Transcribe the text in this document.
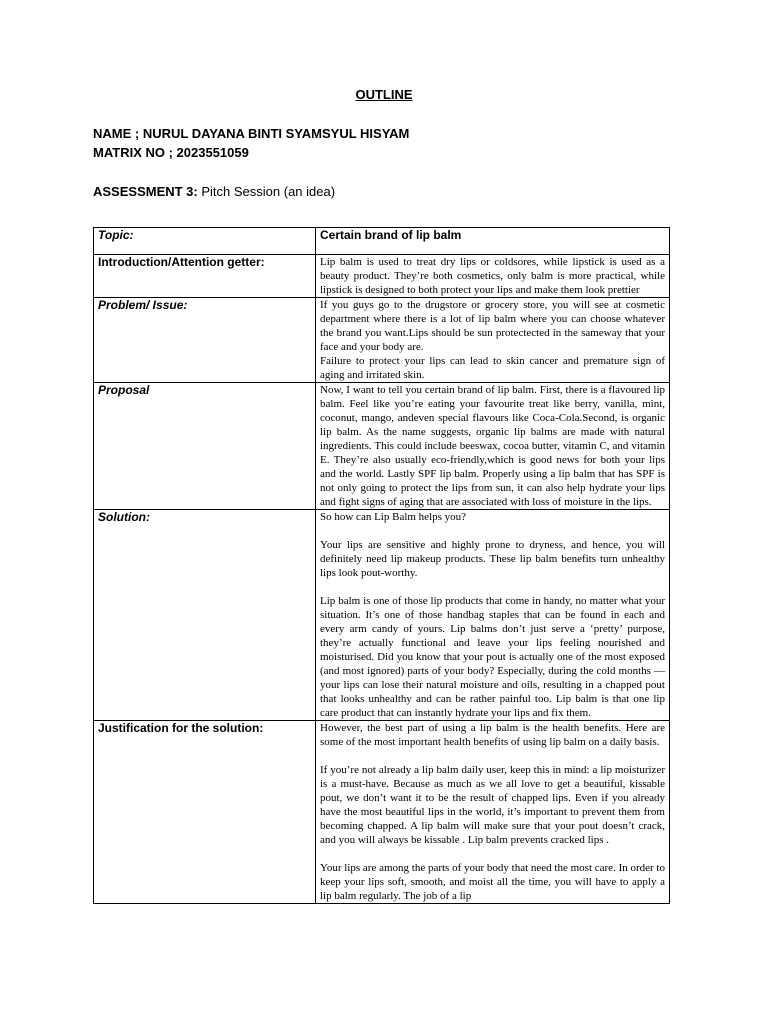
OUTLINE
NAME ; NURUL DAYANA BINTI SYAMSYUL HISYAM
MATRIX NO ; 2023551059
ASSESSMENT 3: Pitch Session (an idea)
Topic:	Certain brand of lip balm
Introduction/Attention getter:	Lip balm is used to treat dry lips or coldsores, while lipstick is used as a beauty product. They’re both cosmetics, only balm is more practical, while lipstick is designed to both protect your lips and make them look prettier

Problem/ Issue:	If you guys go to the drugstore or grocery store, you will see at cosmetic department where there is a lot of lip balm where you can choose whatever the brand you want.Lips should be sun protectected in the sameway that your face and your body are.

Failure to protect your lips can lead to skin cancer and premature sign of aging and irritated skin.

Proposal	Now, I want to tell you certain brand of lip balm. First, there is a flavoured lip balm. Feel like you’re eating your favourite treat like berry, vanilla, mint, coconut, mango, andeven special flavours like Coca-Cola.Second, is organic lip balm. As the name suggests, organic lip balms are made with natural ingredients. This could include beeswax, cocoa butter, vitamin C, and vitamin E. They’re also usually eco-friendly,which is good news for both your lips and the world. Lastly SPF lip balm. Properly using a lip balm that has SPF is not only going to protect the lips from sun, it can also help hydrate your lips and fight signs of aging that are associated with loss of moisture in the lips.

Solution:	So how can Lip Balm helps you?

Your lips are sensitive and highly prone to dryness, and hence, you will definitely need lip makeup products. These lip balm benefits turn unhealthy lips look pout-worthy.

Lip balm is one of those lip products that come in handy, no matter what your situation. It’s one of those handbag staples that can be found in each and every arm candy of yours. Lip balms don’t just serve a ‘pretty’ purpose, they’re actually functional and leave your lips feeling nourished and moisturised. Did you know that your pout is actually one of the most exposed (and most ignored) parts of your body? Especially, during the cold months — your lips can lose their natural moisture and oils, resulting in a chapped pout that looks unhealthy and can be rather painful too. Lip balm is that one lip care product that can instantly hydrate your lips and fix them.

Justification for the solution:	However, the best part of using a lip balm is the health benefits. Here are some of the most important health benefits of using lip balm on a daily basis.

If you’re not already a lip balm daily user, keep this in mind: a lip moisturizer is a must-have. Because as much as we all love to get a beautiful, kissable pout, we don’t want it to be the result of chapped lips. Even if you already have the most beautiful lips in the world, it’s important to prevent them from becoming chapped. A lip balm will make sure that your pout doesn’t crack, and you will always be kissable . Lip balm prevents cracked lips .

Your lips are among the parts of your body that need the most care. In order to keep your lips soft, smooth, and moist all the time, you will have to apply a lip balm regularly. The job of a lip
